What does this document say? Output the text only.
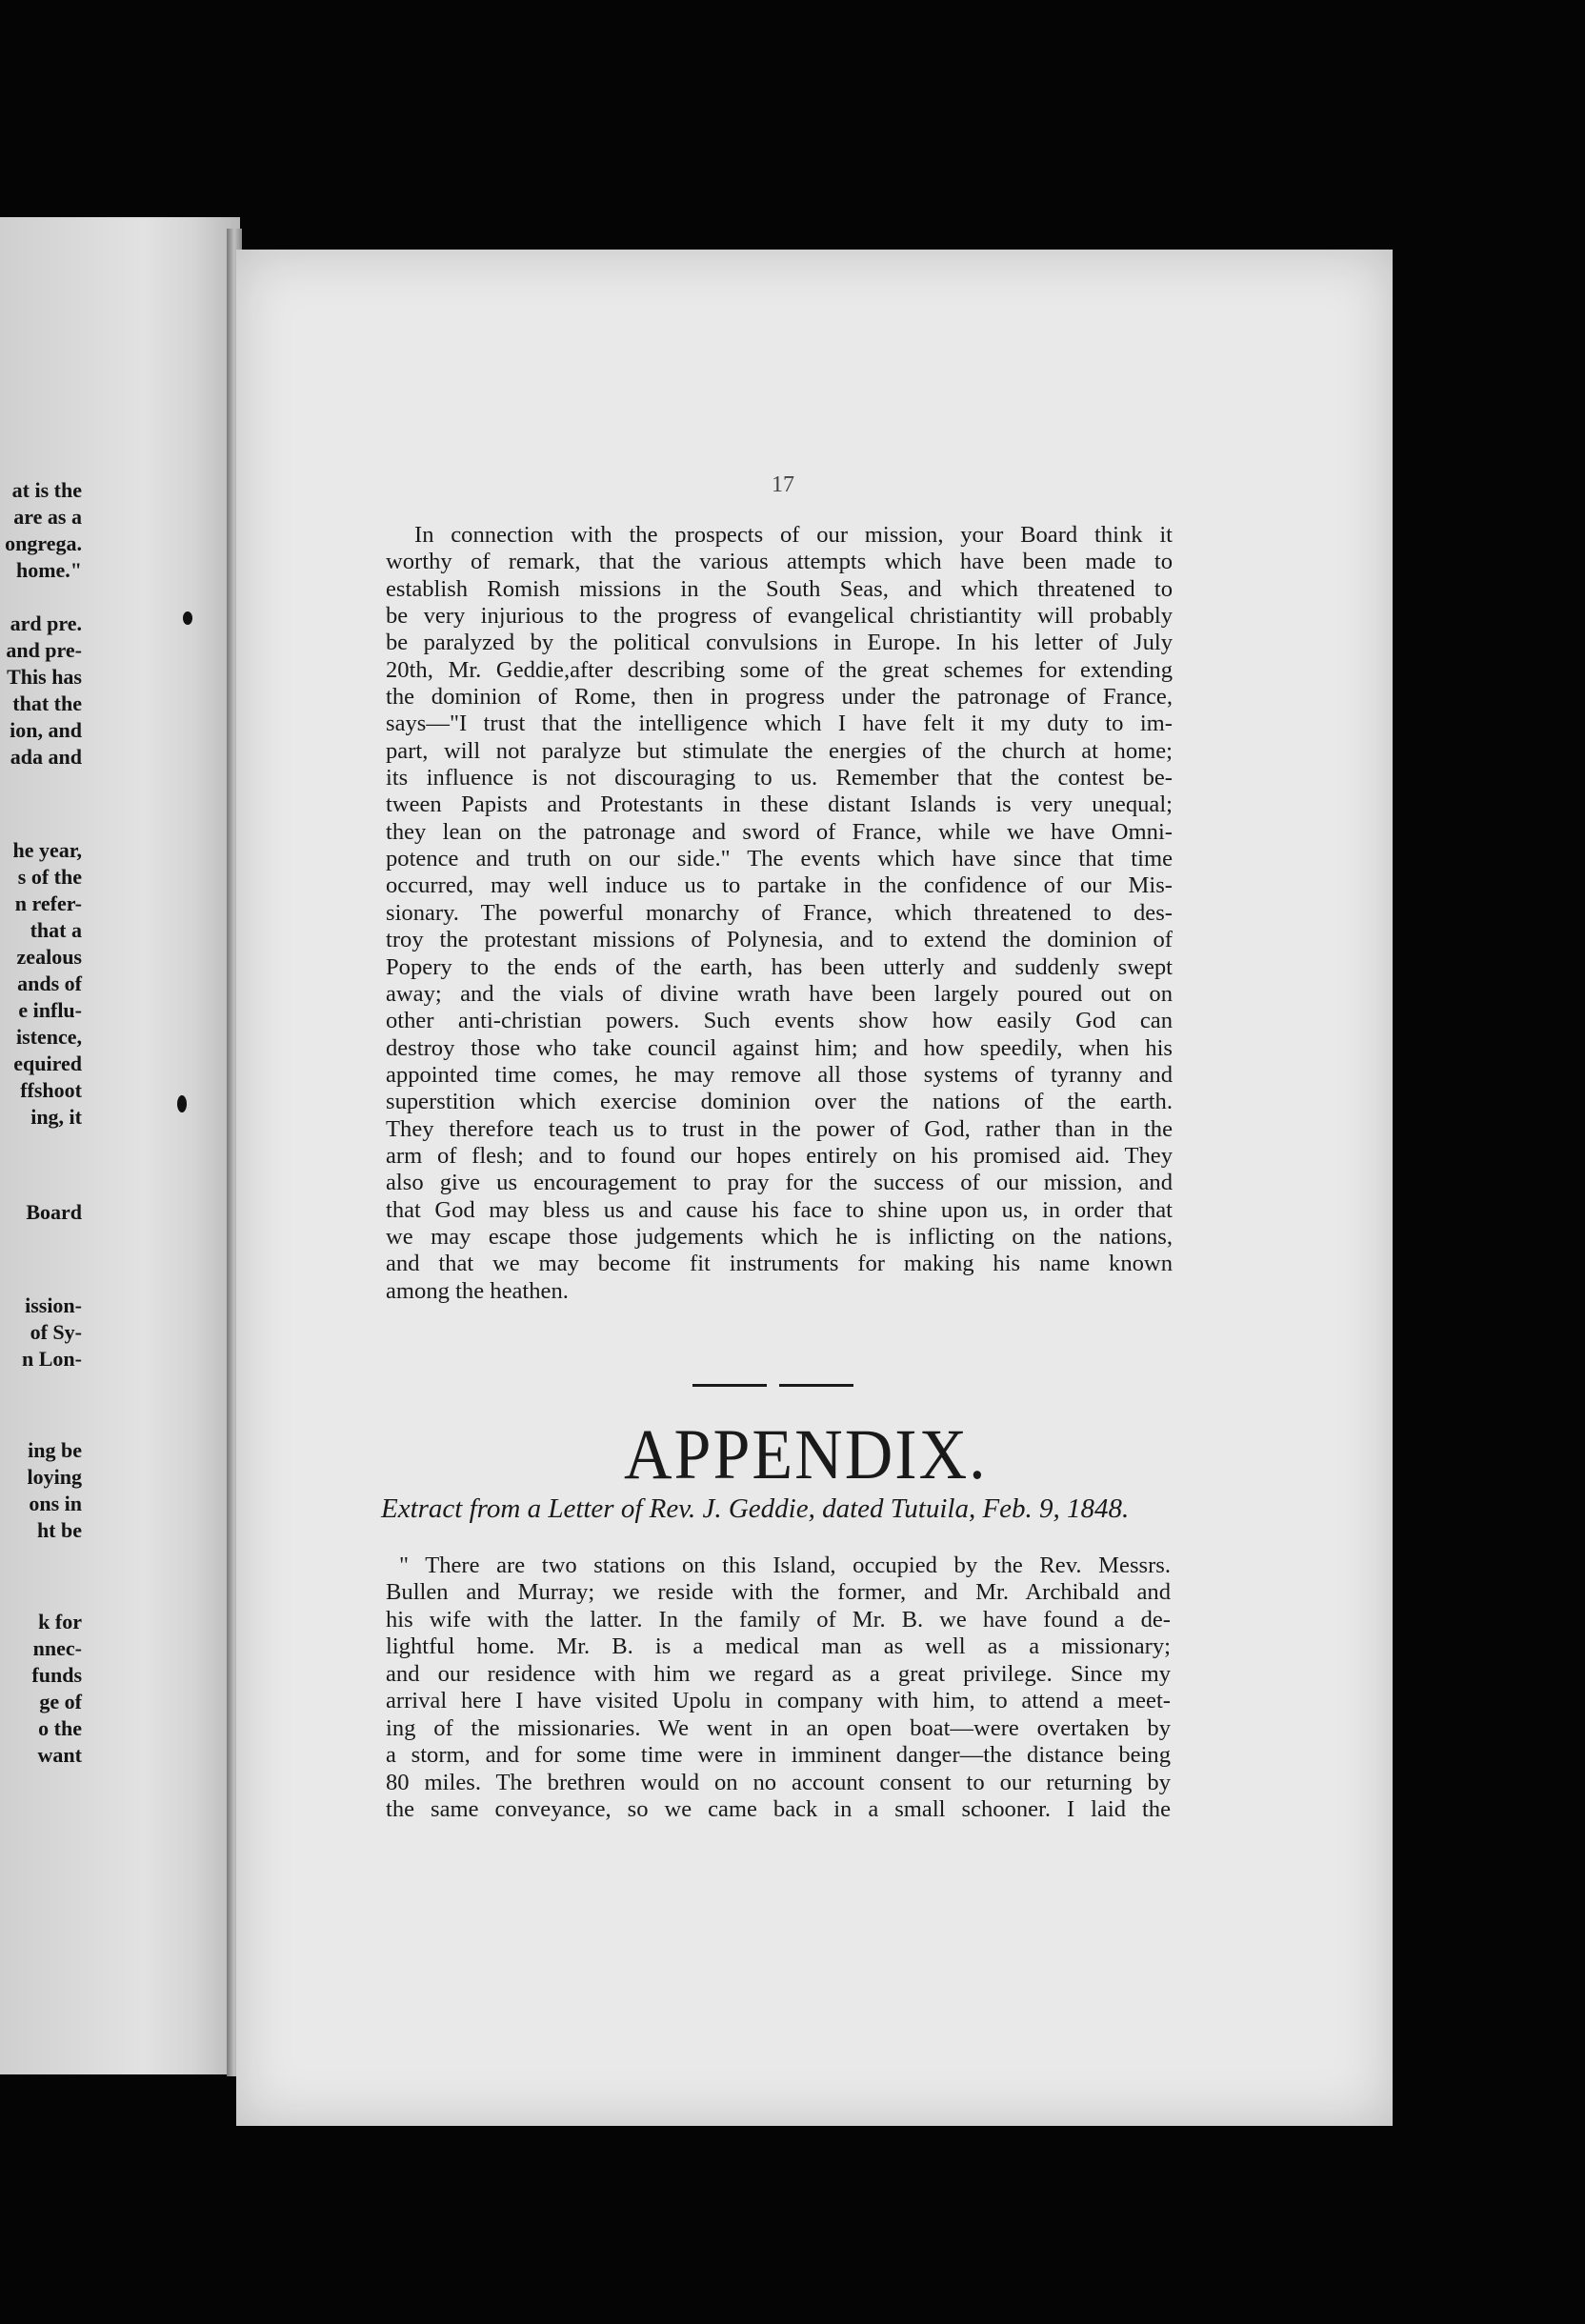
at is the
are as a
ongrega.
home."
ard pre.
and pre-
This has
that the
ion, and
ada and
he year,
s of the
n refer-
that a
zealous
ands of
e influ-
istence,
equired
ffshoot
ing, it
Board
ission-
of Sy-
n Lon-
ing be
loying
ons in
ht be
k for
nnec-
funds
ge of
o the
want
17
In connection with the prospects of our mission, your Board think it
worthy of remark, that the various attempts which have been made to
establish Romish missions in the South Seas, and which threatened to
be very injurious to the progress of evangelical christiantity will probably
be paralyzed by the political convulsions in Europe. In his letter of July
20th, Mr. Geddie,after describing some of the great schemes for extending
the dominion of Rome, then in progress under the patronage of France,
says—"I trust that the intelligence which I have felt it my duty to im-
part, will not paralyze but stimulate the energies of the church at home;
its influence is not discouraging to us. Remember that the contest be-
tween Papists and Protestants in these distant Islands is very unequal;
they lean on the patronage and sword of France, while we have Omni-
potence and truth on our side." The events which have since that time
occurred, may well induce us to partake in the confidence of our Mis-
sionary. The powerful monarchy of France, which threatened to des-
troy the protestant missions of Polynesia, and to extend the dominion of
Popery to the ends of the earth, has been utterly and suddenly swept
away; and the vials of divine wrath have been largely poured out on
other anti-christian powers. Such events show how easily God can
destroy those who take council against him; and how speedily, when his
appointed time comes, he may remove all those systems of tyranny and
superstition which exercise dominion over the nations of the earth.
They therefore teach us to trust in the power of God, rather than in the
arm of flesh; and to found our hopes entirely on his promised aid. They
also give us encouragement to pray for the success of our mission, and
that God may bless us and cause his face to shine upon us, in order that
we may escape those judgements which he is inflicting on the nations,
and that we may become fit instruments for making his name known
among the heathen.
APPENDIX.
Extract from a Letter of Rev. J. Geddie, dated Tutuila, Feb. 9, 1848.
" There are two stations on this Island, occupied by the Rev. Messrs.
Bullen and Murray; we reside with the former, and Mr. Archibald and
his wife with the latter. In the family of Mr. B. we have found a de-
lightful home. Mr. B. is a medical man as well as a missionary;
and our residence with him we regard as a great privilege. Since my
arrival here I have visited Upolu in company with him, to attend a meet-
ing of the missionaries. We went in an open boat—were overtaken by
a storm, and for some time were in imminent danger—the distance being
80 miles. The brethren would on no account consent to our returning by
the same conveyance, so we came back in a small schooner. I laid the
